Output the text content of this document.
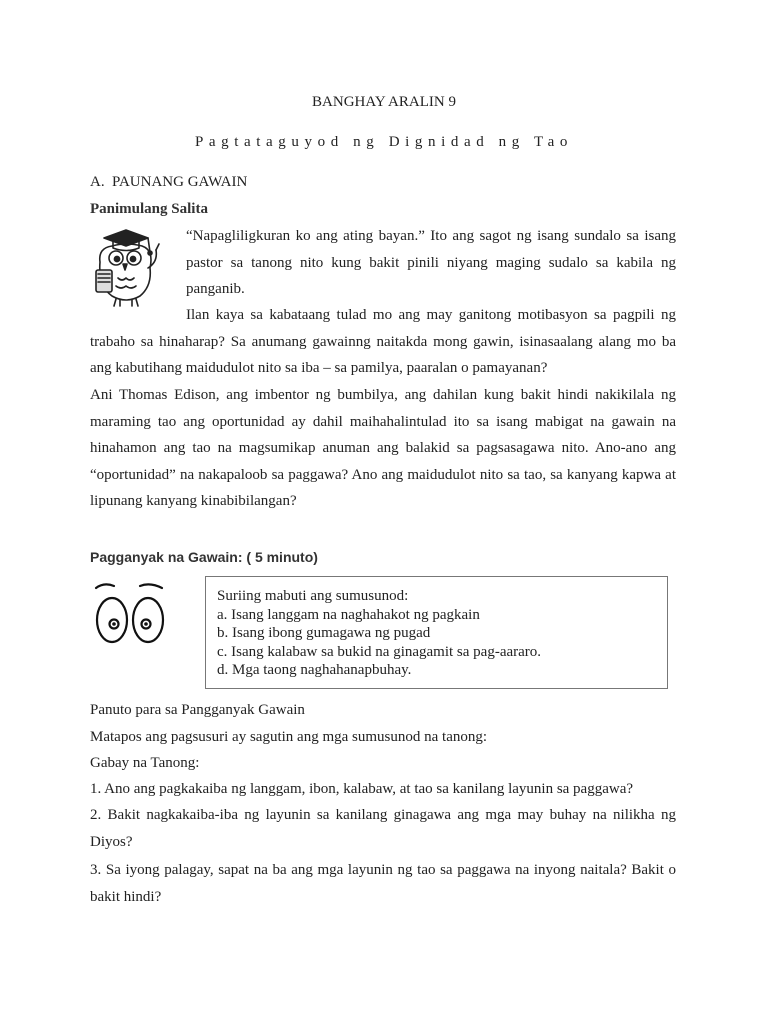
BANGHAY ARALIN 9
Pagtataguyod ng Dignidad ng Tao
A. PAUNANG GAWAIN
Panimulang Salita
“Napagliligkuran ko ang ating bayan.” Ito ang sagot ng isang sundalo sa isang
pastor sa tanong nito kung bakit pinili niyang maging sudalo sa kabila ng
panganib.
Ilan kaya sa kabataang tulad mo ang may ganitong motibasyon sa pagpili ng
trabaho sa hinaharap? Sa anumang gawainng naitakda mong gawin, isinasaalang alang mo ba
ang kabutihang maidudulot nito sa iba – sa pamilya, paaralan o pamayanan?
Ani Thomas Edison, ang imbentor ng bumbilya, ang dahilan kung bakit hindi nakikilala ng
maraming tao ang oportunidad ay dahil maihahalintulad ito sa isang mabigat na gawain na
hinahamon ang tao na magsumikap anuman ang balakid sa pagsasagawa nito. Ano-ano ang
“oportunidad” na nakapaloob sa paggawa? Ano ang maidudulot nito sa tao, sa kanyang kapwa at
lipunang kanyang kinabibilangan?
Pagganyak na Gawain: ( 5 minuto)
Suriing mabuti ang sumusunod:
a. Isang langgam na naghahakot ng pagkain
b. Isang ibong gumagawa ng pugad
c. Isang kalabaw sa bukid na ginagamit sa pag-aararo.
d. Mga taong naghahanapbuhay.
Panuto para sa Pangganyak Gawain
Matapos ang pagsusuri ay sagutin ang mga sumusunod na tanong:
Gabay na Tanong:
1. Ano ang pagkakaiba ng langgam, ibon, kalabaw, at tao sa kanilang layunin sa paggawa?
2. Bakit nagkakaiba-iba ng layunin sa kanilang ginagawa ang mga may buhay na nilikha ng
Diyos?
3. Sa iyong palagay, sapat na ba ang mga layunin ng tao sa paggawa na inyong naitala? Bakit o
bakit hindi?
